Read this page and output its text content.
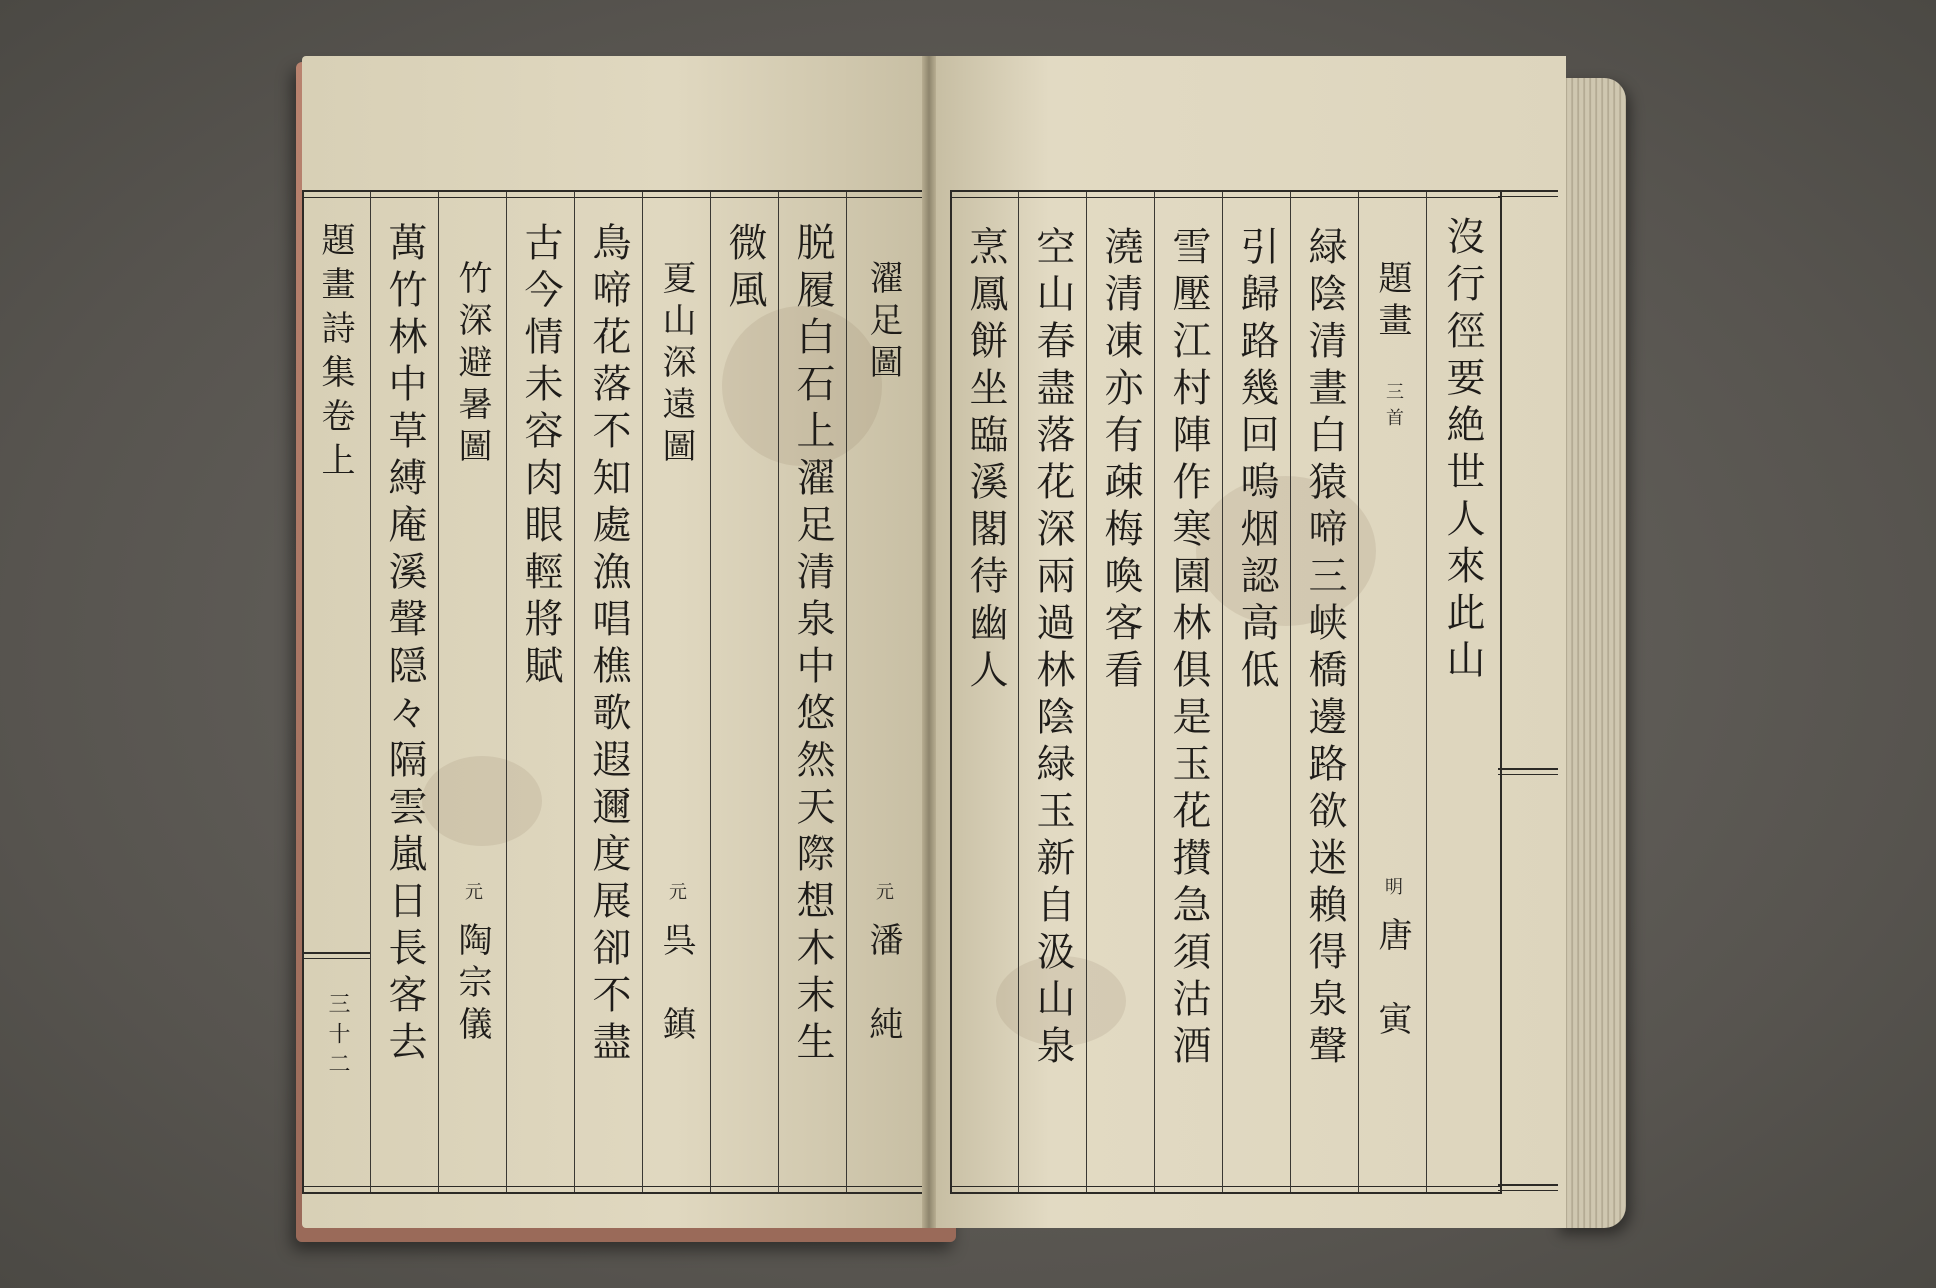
題畫詩集卷上
三十二 萬竹林中草縛庵溪聲隠々隔雲嵐日長客去 竹深避暑圖
元
陶宗儀
古今情未容肉眼輕將賦 鳥啼花落不知處漁唱樵歌遐邇度展卻不盡 夏山深遠圖
元
呉　鎮
微風 脱履白石上濯足清泉中悠然天際想木末生 濯足圖
元
潘　純
烹鳳餅坐臨溪閣待幽人 空山春盡落花深兩過林陰緑玉新自汲山泉 澆清凍亦有疎梅喚客看 雪壓江村陣作寒園林俱是玉花攅急須沽酒 引歸路幾回嗚烟認高低 緑陰清晝白猿啼三峡橋邊路欲迷賴得泉聲 題畫
三首
明
唐　寅
沒行徑要絶世人來此山
